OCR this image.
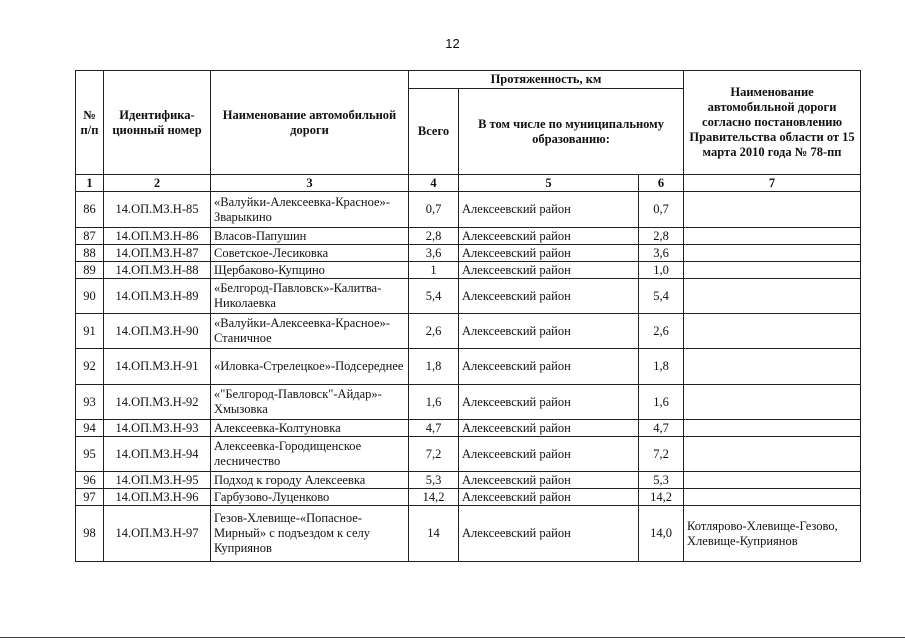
12
№ п/п	Идентифика-ционный номер	Наименование автомобильной дороги	Протяженность, км			Наименование автомобильной дороги согласно постановлению Правительства области от 15 марта 2010 года № 78-пп
			Всего	В том числе по муниципальному образованию:		
1	2	3	4	5	6	7
86	14.ОП.МЗ.Н-85	«Валуйки-Алексеевка-Красное»-Зварыкино	0,7	Алексеевский район	0,7	
87	14.ОП.МЗ.Н-86	Власов-Папушин	2,8	Алексеевский район	2,8	
88	14.ОП.МЗ.Н-87	Советское-Лесиковка	3,6	Алексеевский район	3,6	
89	14.ОП.МЗ.Н-88	Щербаково-Купцино	1	Алексеевский район	1,0	
90	14.ОП.МЗ.Н-89	«Белгород-Павловск»-Калитва-Николаевка	5,4	Алексеевский район	5,4	
91	14.ОП.МЗ.Н-90	«Валуйки-Алексеевка-Красное»-Станичное	2,6	Алексеевский район	2,6	
92	14.ОП.МЗ.Н-91	«Иловка-Стрелецкое»-Подсереднее	1,8	Алексеевский район	1,8	
93	14.ОП.МЗ.Н-92	«"Белгород-Павловск"-Айдар»-Хмызовка	1,6	Алексеевский район	1,6	
94	14.ОП.МЗ.Н-93	Алексеевка-Колтуновка	4,7	Алексеевский район	4,7	
95	14.ОП.МЗ.Н-94	Алексеевка-Городищенское лесничество	7,2	Алексеевский район	7,2	
96	14.ОП.МЗ.Н-95	Подход к городу Алексеевка	5,3	Алексеевский район	5,3	
97	14.ОП.МЗ.Н-96	Гарбузово-Луценково	14,2	Алексеевский район	14,2	
98	14.ОП.МЗ.Н-97	Гезов-Хлевище-«Попасное-Мирный» с подъездом к селу Куприянов	14	Алексеевский район	14,0	Котлярово-Хлевище-Гезово, Хлевище-Куприянов
